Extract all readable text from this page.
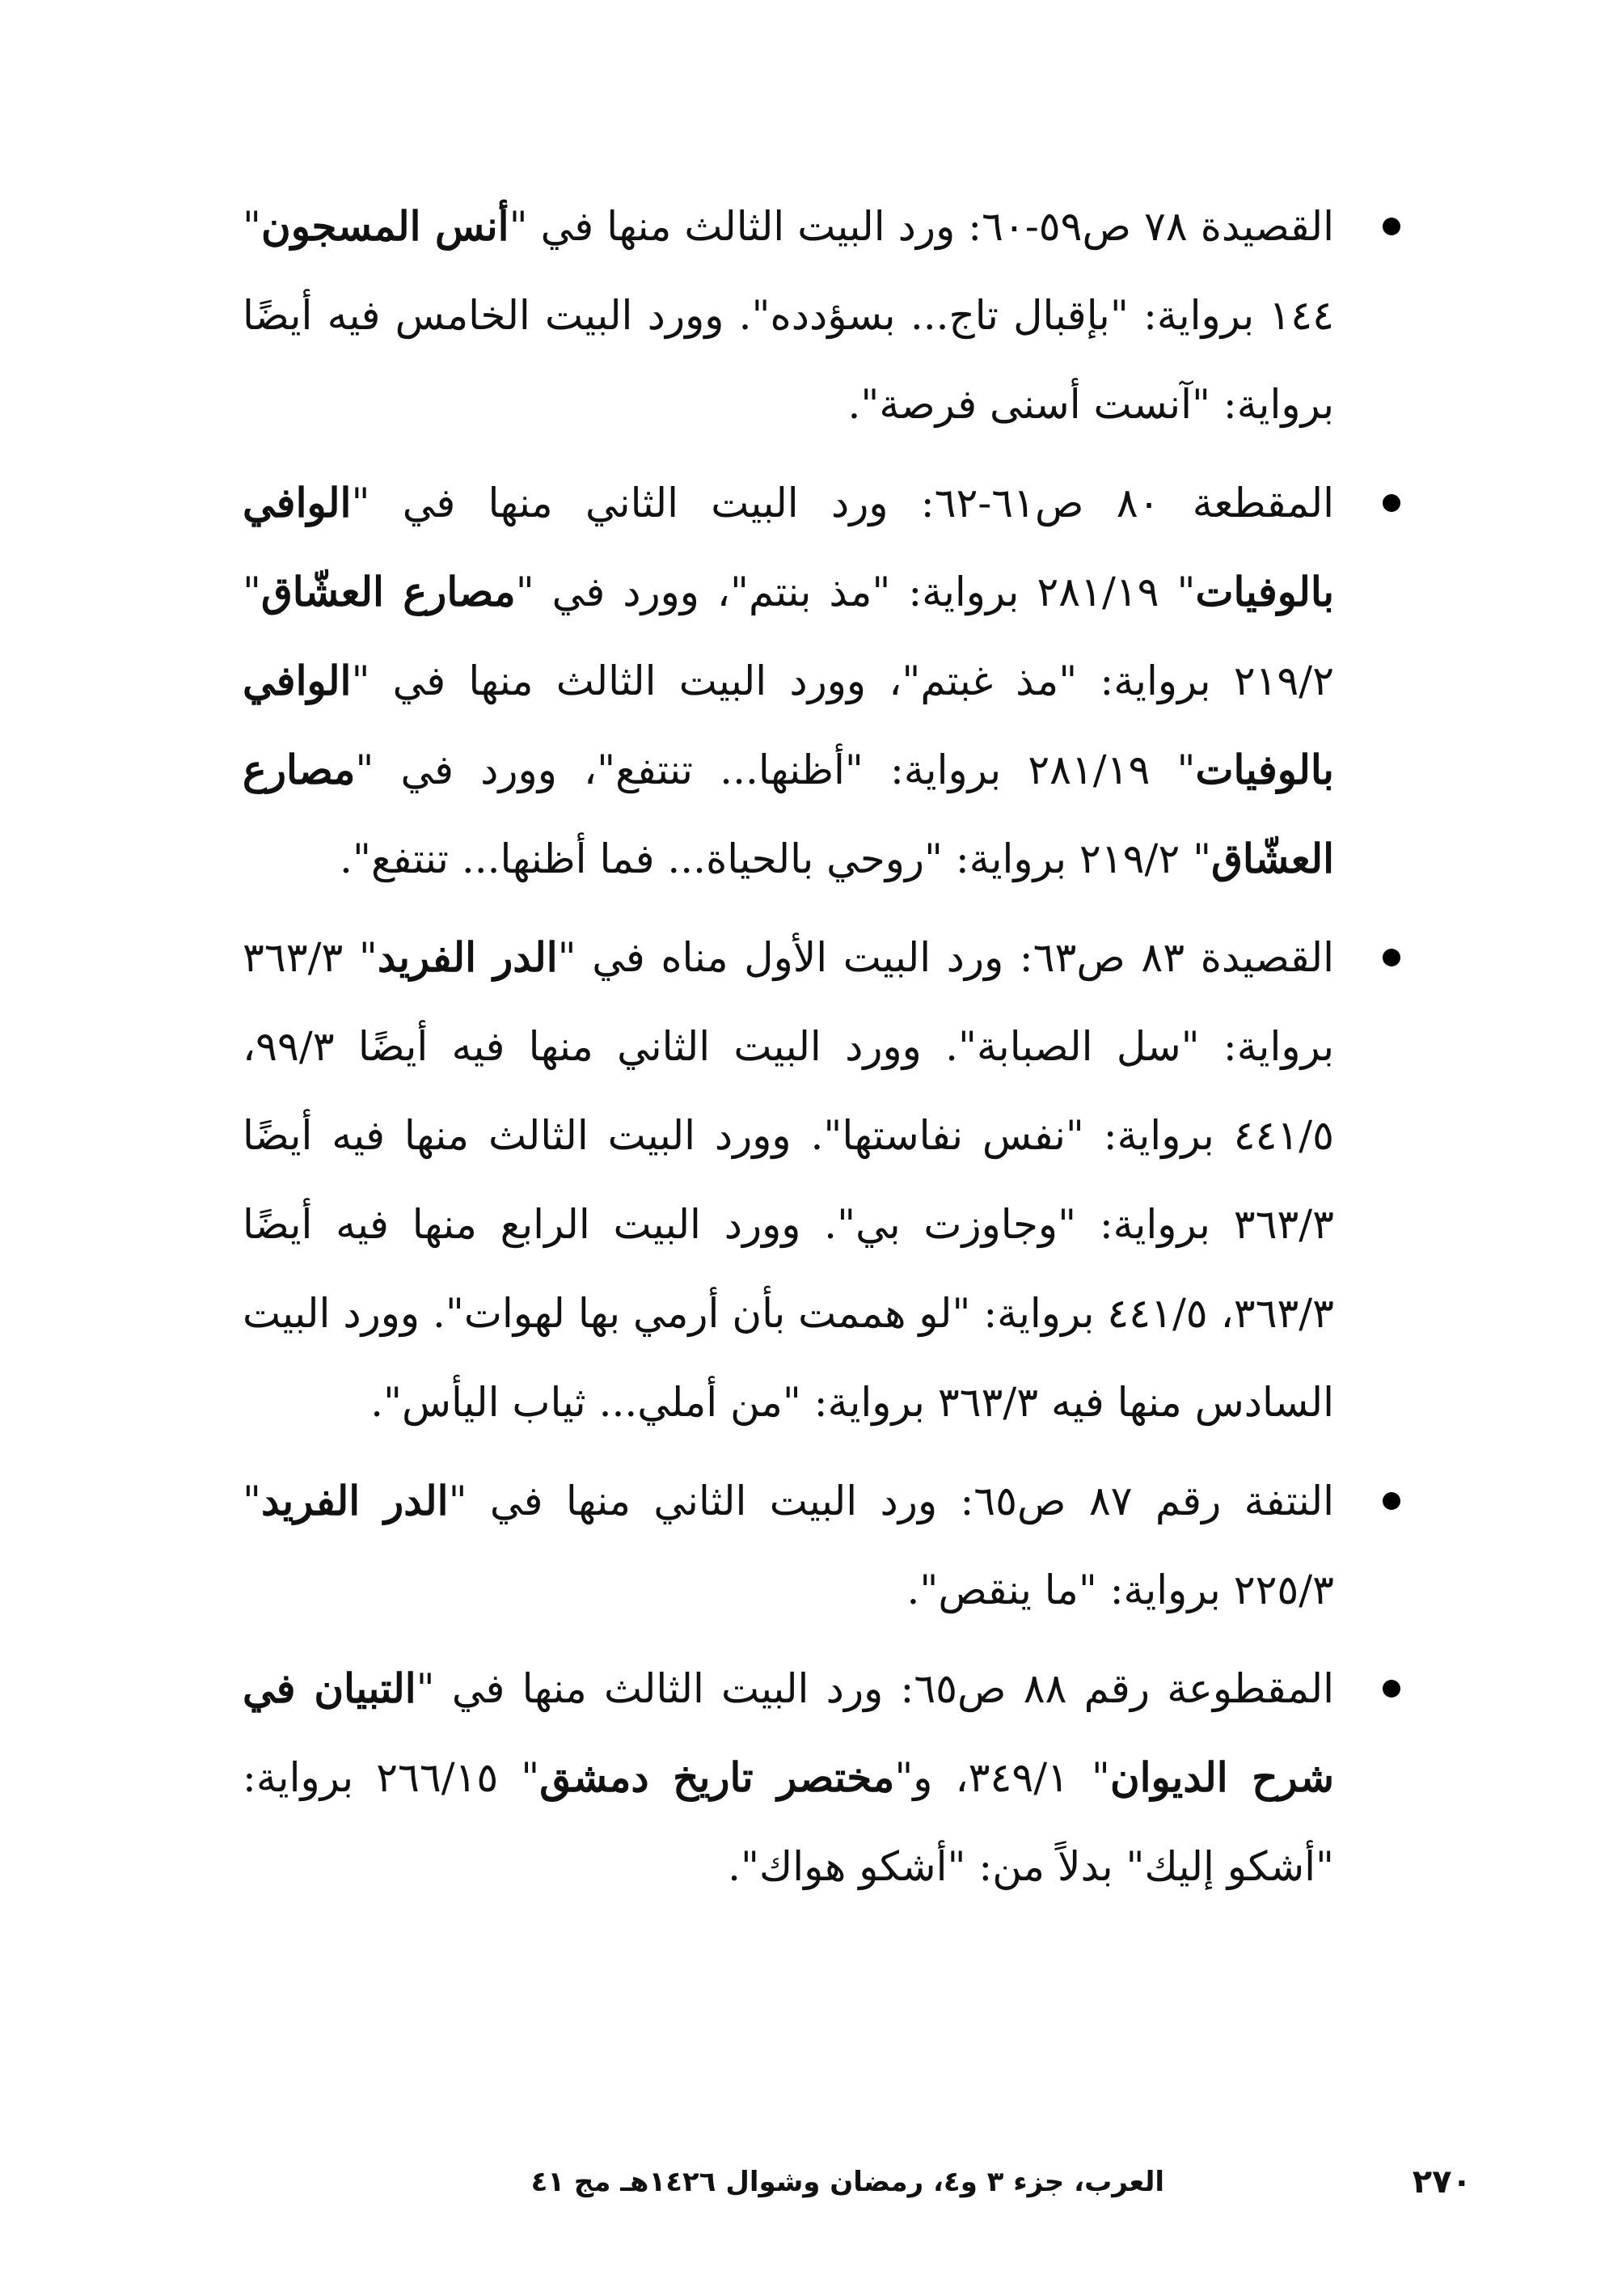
القصيدة ٧٨ ص٥٩-٦٠: ورد البيت الثالث منها في "أنس المسجون" ١٤٤ برواية: "بإقبال تاج... بسؤدده". وورد البيت الخامس فيه أيضًا برواية: "آنست أسنى فرصة".

المقطعة ٨٠ ص٦١-٦٢: ورد البيت الثاني منها في "الوافي بالوفيات" ٢٨١/١٩ برواية: "مذ بنتم"، وورد في "مصارع العشّاق" ٢١٩/٢ برواية: "مذ غبتم"، وورد البيت الثالث منها في "الوافي بالوفيات" ٢٨١/١٩ برواية: "أظنها... تنتفع"، وورد في "مصارع العشّاق" ٢١٩/٢ برواية: "روحي بالحياة... فما أظنها... تنتفع".

القصيدة ٨٣ ص٦٣: ورد البيت الأول مناه في "الدر الفريد" ٣٦٣/٣ برواية: "سل الصبابة". وورد البيت الثاني منها فيه أيضًا ٩٩/٣، ٤٤١/٥ برواية: "نفس نفاستها". وورد البيت الثالث منها فيه أيضًا ٣٦٣/٣ برواية: "وجاوزت بي". وورد البيت الرابع منها فيه أيضًا ٣٦٣/٣، ٤٤١/٥ برواية: "لو هممت بأن أرمي بها لهوات". وورد البيت السادس منها فيه ٣٦٣/٣ برواية: "من أملي... ثياب اليأس".

النتفة رقم ٨٧ ص٦٥: ورد البيت الثاني منها في "الدر الفريد" ٢٢٥/٣ برواية: "ما ينقص".

المقطوعة رقم ٨٨ ص٦٥: ورد البيت الثالث منها في "التبيان في شرح الديوان" ٣٤٩/١، و"مختصر تاريخ دمشق" ٢٦٦/١٥ برواية: "أشكو إليك" بدلاً من: "أشكو هواك".

٢٧٠
العرب، جزء ٣ و٤، رمضان وشوال ١٤٢٦هـ مج ٤١
